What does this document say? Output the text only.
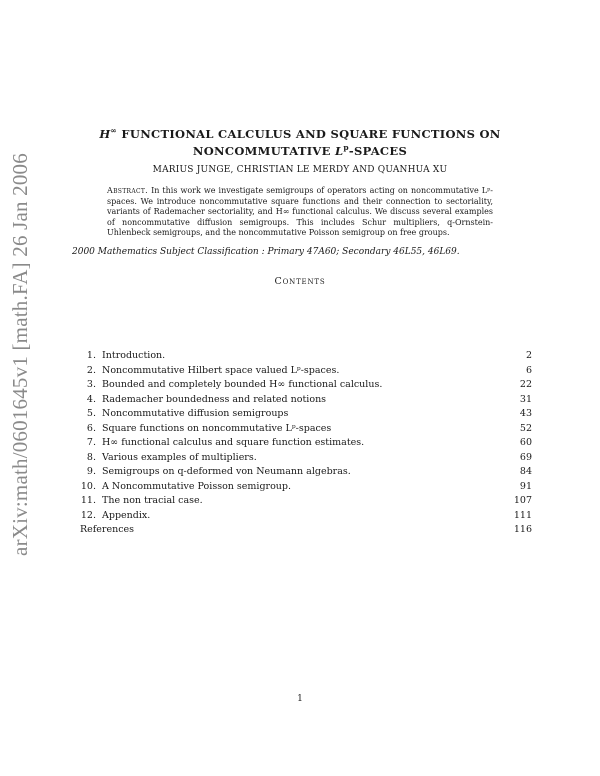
arXiv:math/0601645v1 [math.FA] 26 Jan 2006
H∞ FUNCTIONAL CALCULUS AND SQUARE FUNCTIONS ON
NONCOMMUTATIVE $L^p$-SPACES
MARIUS JUNGE, CHRISTIAN LE MERDY AND QUANHUA XU

Abstract. In this work we investigate semigroups of operators acting on noncommutative Lᵖ-spaces. We introduce noncommutative square functions and their connection to sectoriality, variants of Rademacher sectoriality, and H∞ functional calculus. We discuss several examples of noncommutative diffusion semigroups. This includes Schur multipliers, q-Ornstein-Uhlenbeck semigroups, and the noncommutative Poisson semigroup on free groups.

2000 Mathematics Subject Classification : Primary 47A60; Secondary 46L55, 46L69.
Contents
1. Introduction.	2
2. Noncommutative Hilbert space valued Lᵖ-spaces.	6
3. Bounded and completely bounded H∞ functional calculus.	22
4. Rademacher boundedness and related notions	31
5. Noncommutative diffusion semigroups	43
6. Square functions on noncommutative Lᵖ-spaces	52
7. H∞ functional calculus and square function estimates.	60
8. Various examples of multipliers.	69
9. Semigroups on q-deformed von Neumann algebras.	84
10. A Noncommutative Poisson semigroup.	91
11. The non tracial case.	107
12. Appendix.	111
References	116
1
